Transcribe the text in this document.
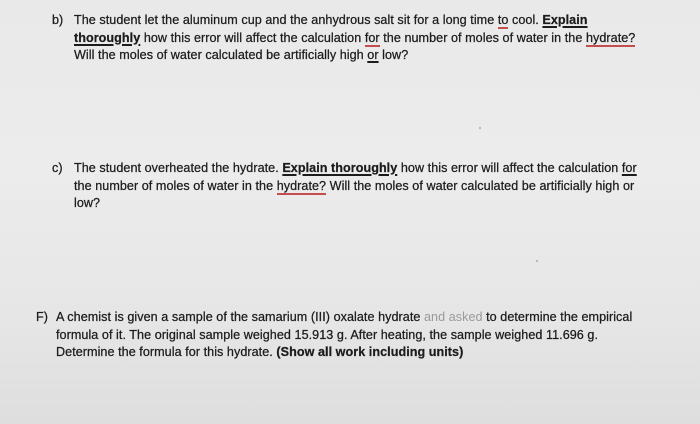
b) The student let the aluminum cup and the anhydrous salt sit for a long time to cool. Explain
thoroughly how this error will affect the calculation for the number of moles of water in the hydrate?
Will the moles of water calculated be artificially high or low?
c) The student overheated the hydrate. Explain thoroughly how this error will affect the calculation for
the number of moles of water in the hydrate? Will the moles of water calculated be artificially high or
low?
F) A chemist is given a sample of the samarium (III) oxalate hydrate and asked to determine the empirical
formula of it. The original sample weighed 15.913 g. After heating, the sample weighed 11.696 g.
Determine the formula for this hydrate. (Show all work including units)
